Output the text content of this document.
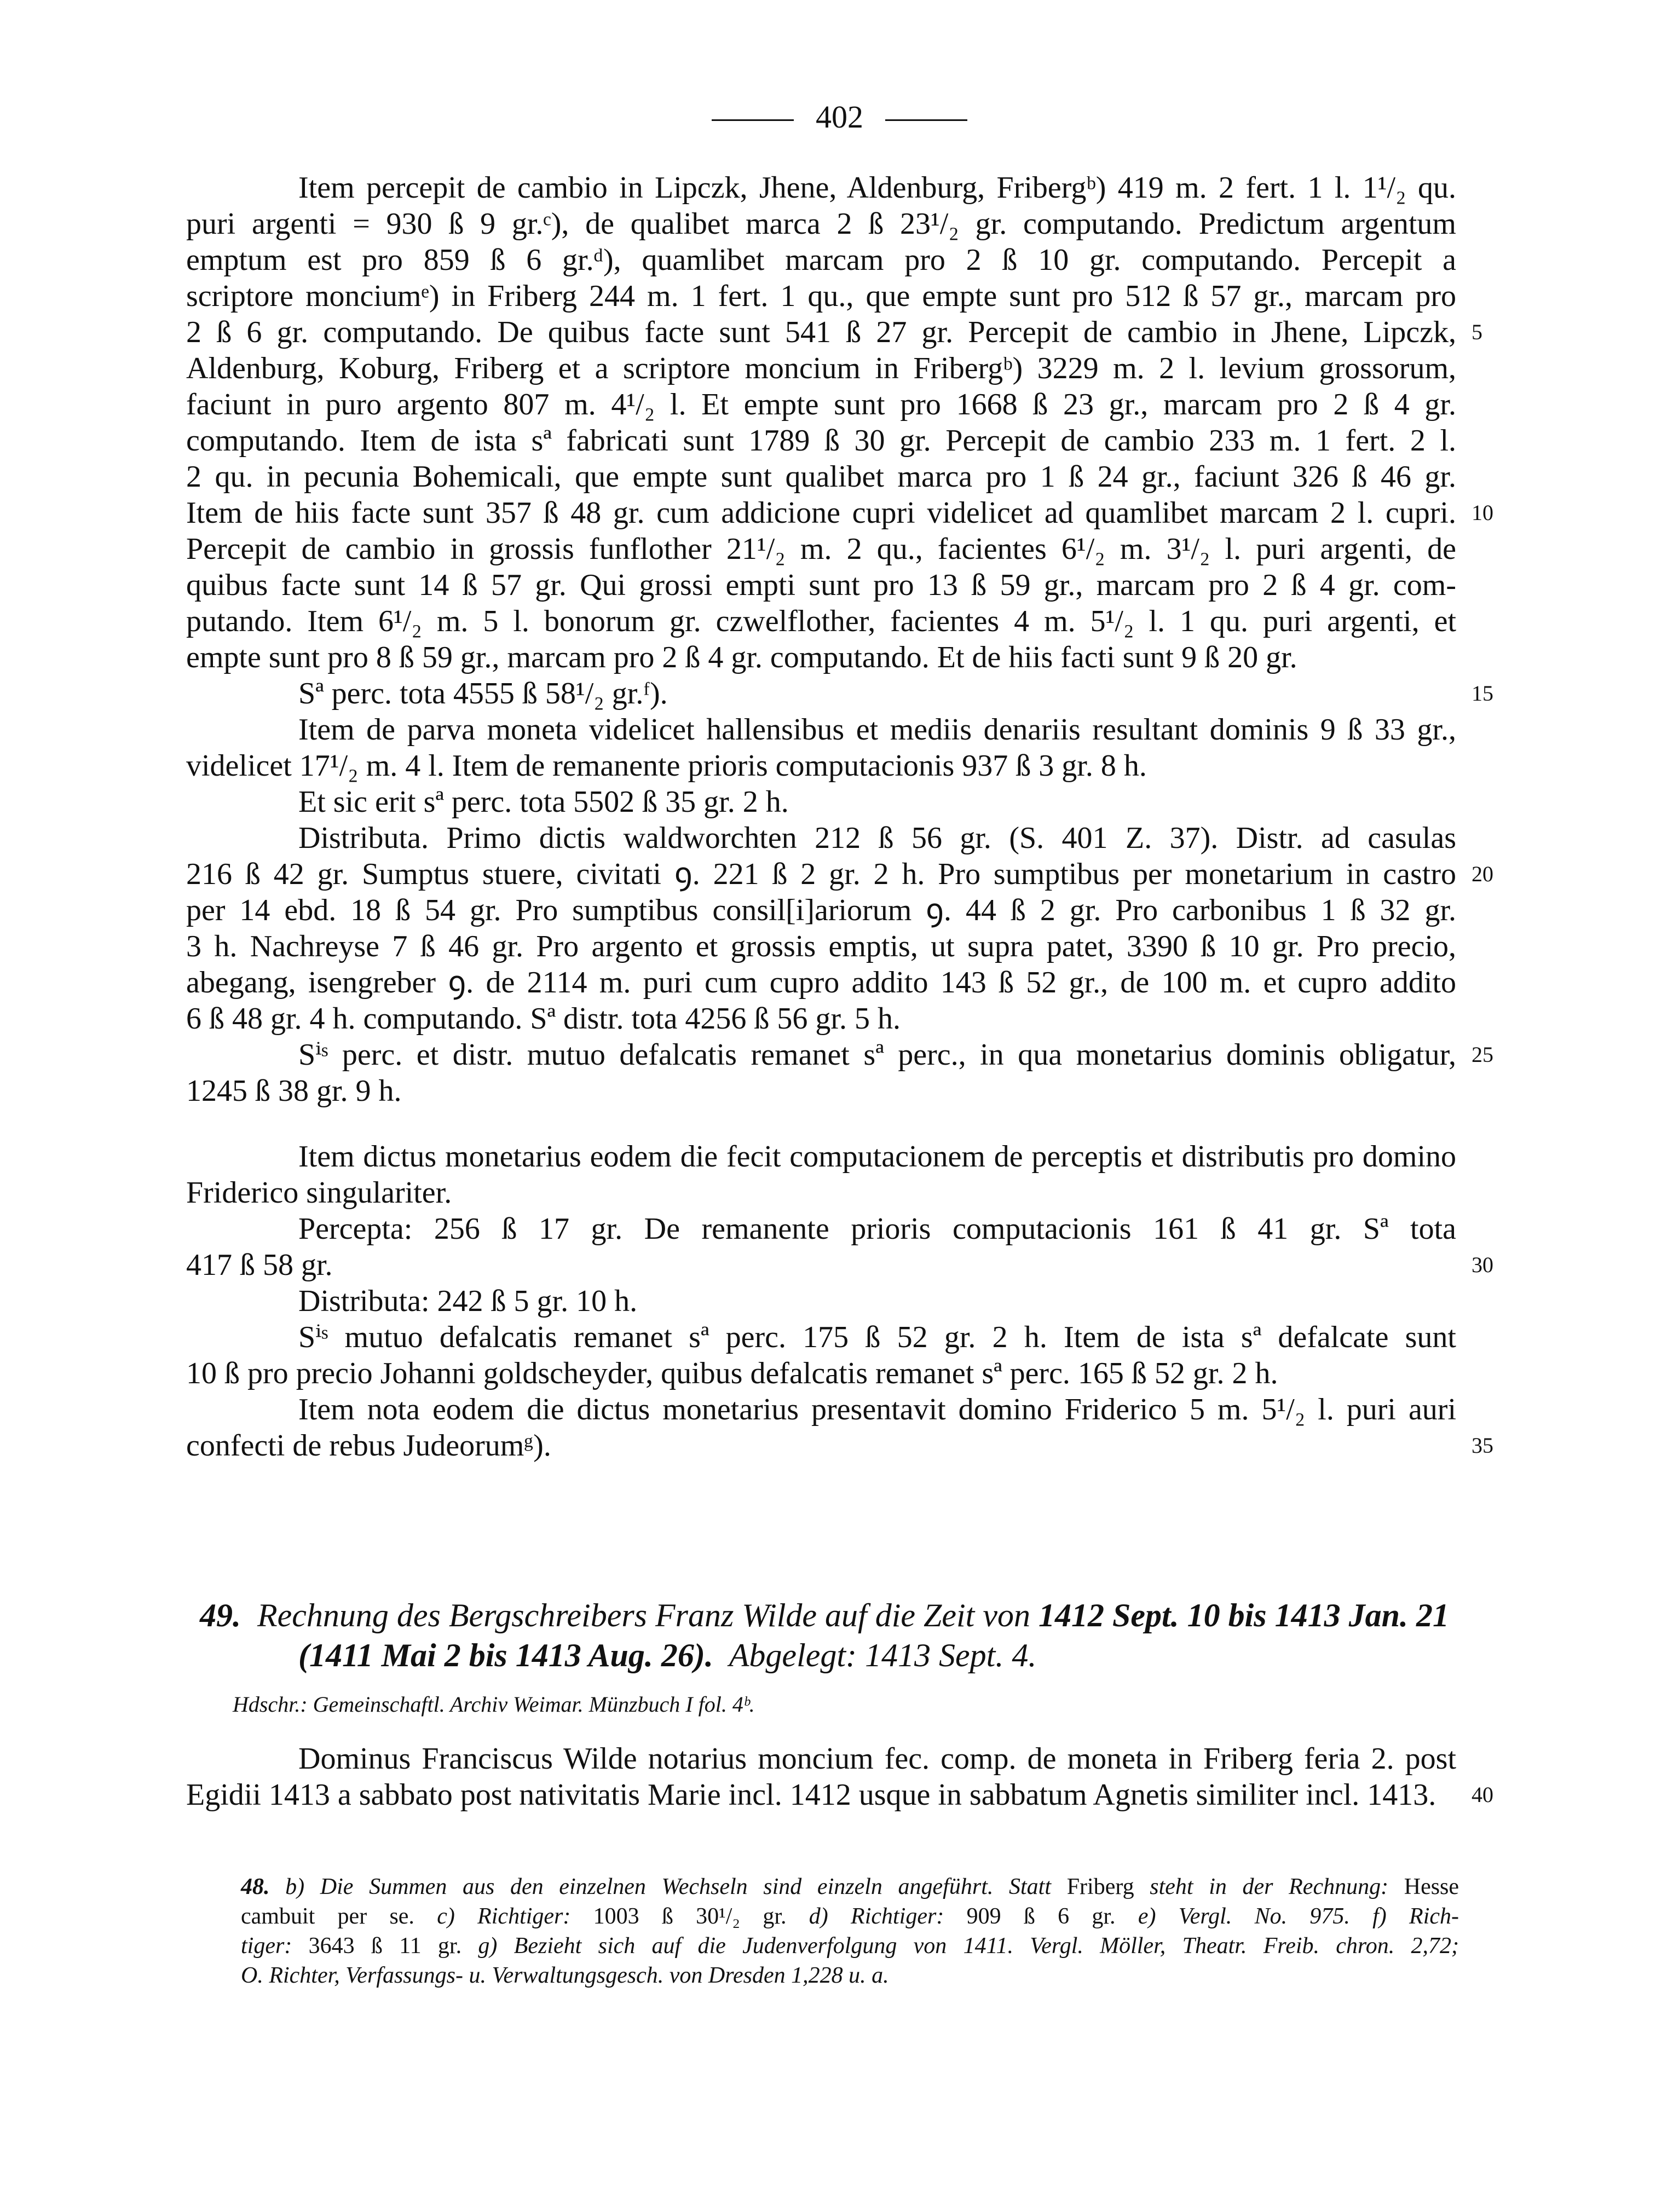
402
Item percepit de cambio in Lipczk, Jhene, Aldenburg, Fribergᵇ) 419 m. 2 fert. 1 l. 1¹/₂ qu.
puri argenti = 930 ß 9 gr.ᶜ), de qualibet marca 2 ß 23¹/₂ gr. computando. Predictum argentum
emptum est pro 859 ß 6 gr.ᵈ), quamlibet marcam pro 2 ß 10 gr. computando. Percepit a
scriptore monciumᵉ) in Friberg 244 m. 1 fert. 1 qu., que empte sunt pro 512 ß 57 gr., marcam pro
2 ß 6 gr. computando. De quibus facte sunt 541 ß 27 gr. Percepit de cambio in Jhene, Lipczk,
Aldenburg, Koburg, Friberg et a scriptore moncium in Fribergᵇ) 3229 m. 2 l. levium grossorum,
faciunt in puro argento 807 m. 4¹/₂ l. Et empte sunt pro 1668 ß 23 gr., marcam pro 2 ß 4 gr.
computando. Item de ista sª fabricati sunt 1789 ß 30 gr. Percepit de cambio 233 m. 1 fert. 2 l.
2 qu. in pecunia Bohemicali, que empte sunt qualibet marca pro 1 ß 24 gr., faciunt 326 ß 46 gr.
Item de hiis facte sunt 357 ß 48 gr. cum addicione cupri videlicet ad quamlibet marcam 2 l. cupri.
Percepit de cambio in grossis funflother 21¹/₂ m. 2 qu., facientes 6¹/₂ m. 3¹/₂ l. puri argenti, de
quibus facte sunt 14 ß 57 gr. Qui grossi empti sunt pro 13 ß 59 gr., marcam pro 2 ß 4 gr. com-
putando. Item 6¹/₂ m. 5 l. bonorum gr. czwelflother, facientes 4 m. 5¹/₂ l. 1 qu. puri argenti, et
empte sunt pro 8 ß 59 gr., marcam pro 2 ß 4 gr. computando. Et de hiis facti sunt 9 ß 20 gr.
Sª perc. tota 4555 ß 58¹/₂ gr.ᶠ).
Item de parva moneta videlicet hallensibus et mediis denariis resultant dominis 9 ß 33 gr.,
videlicet 17¹/₂ m. 4 l. Item de remanente prioris computacionis 937 ß 3 gr. 8 h.
Et sic erit sª perc. tota 5502 ß 35 gr. 2 h.
Distributa. Primo dictis waldworchten 212 ß 56 gr. (S. 401 Z. 37). Distr. ad casulas
216 ß 42 gr. Sumptus stuere, civitati ꝯ. 221 ß 2 gr. 2 h. Pro sumptibus per monetarium in castro
per 14 ebd. 18 ß 54 gr. Pro sumptibus consil[i]ariorum ꝯ. 44 ß 2 gr. Pro carbonibus 1 ß 32 gr.
3 h. Nachreyse 7 ß 46 gr. Pro argento et grossis emptis, ut supra patet, 3390 ß 10 gr. Pro precio,
abegang, isengreber ꝯ. de 2114 m. puri cum cupro addito 143 ß 52 gr., de 100 m. et cupro addito
6 ß 48 gr. 4 h. computando. Sª distr. tota 4256 ß 56 gr. 5 h.
Sⁱˢ perc. et distr. mutuo defalcatis remanet sª perc., in qua monetarius dominis obligatur,
1245 ß 38 gr. 9 h.
Item dictus monetarius eodem die fecit computacionem de perceptis et distributis pro domino
Friderico singulariter.
Percepta: 256 ß 17 gr. De remanente prioris computacionis 161 ß 41 gr. Sª tota
417 ß 58 gr.
Distributa: 242 ß 5 gr. 10 h.
Sⁱˢ mutuo defalcatis remanet sª perc. 175 ß 52 gr. 2 h. Item de ista sª defalcate sunt
10 ß pro precio Johanni goldscheyder, quibus defalcatis remanet sª perc. 165 ß 52 gr. 2 h.
Item nota eodem die dictus monetarius presentavit domino Friderico 5 m. 5¹/₂ l. puri auri
confecti de rebus Judeorumᵍ).
49. Rechnung des Bergschreibers Franz Wilde auf die Zeit von 1412 Sept. 10 bis 1413 Jan. 21
(1411 Mai 2 bis 1413 Aug. 26). Abgelegt: 1413 Sept. 4.
Hdschr.: Gemeinschaftl. Archiv Weimar. Münzbuch I fol. 4ᵇ.
Dominus Franciscus Wilde notarius moncium fec. comp. de moneta in Friberg feria 2. post
Egidii 1413 a sabbato post nativitatis Marie incl. 1412 usque in sabbatum Agnetis similiter incl. 1413.
5
10
15
20
25
30
35
40
48. b) Die Summen aus den einzelnen Wechseln sind einzeln angeführt. Statt Friberg steht in der Rechnung: Hesse
cambuit per se. c) Richtiger: 1003 ß 30¹/₂ gr. d) Richtiger: 909 ß 6 gr. e) Vergl. No. 975. f) Rich-
tiger: 3643 ß 11 gr. g) Bezieht sich auf die Judenverfolgung von 1411. Vergl. Möller, Theatr. Freib. chron. 2,72;
O. Richter, Verfassungs- u. Verwaltungsgesch. von Dresden 1,228 u. a.
